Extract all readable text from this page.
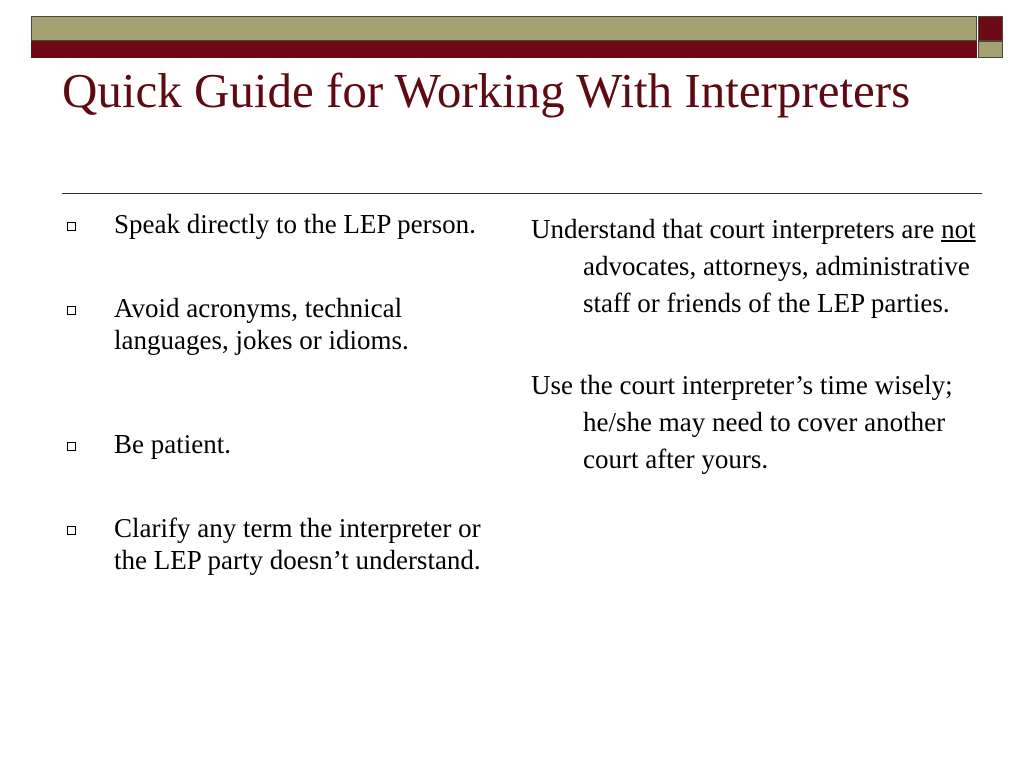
Quick Guide for Working With Interpreters
Speak directly to the LEP person.
Avoid acronyms, technical languages, jokes or idioms.
Be patient.
Clarify any term the interpreter or the LEP party doesn’t understand.

Understand that court interpreters are not advocates, attorneys, administrative staff or friends of the LEP parties.

Use the court interpreter’s time wisely; he/she may need to cover another court after yours.
